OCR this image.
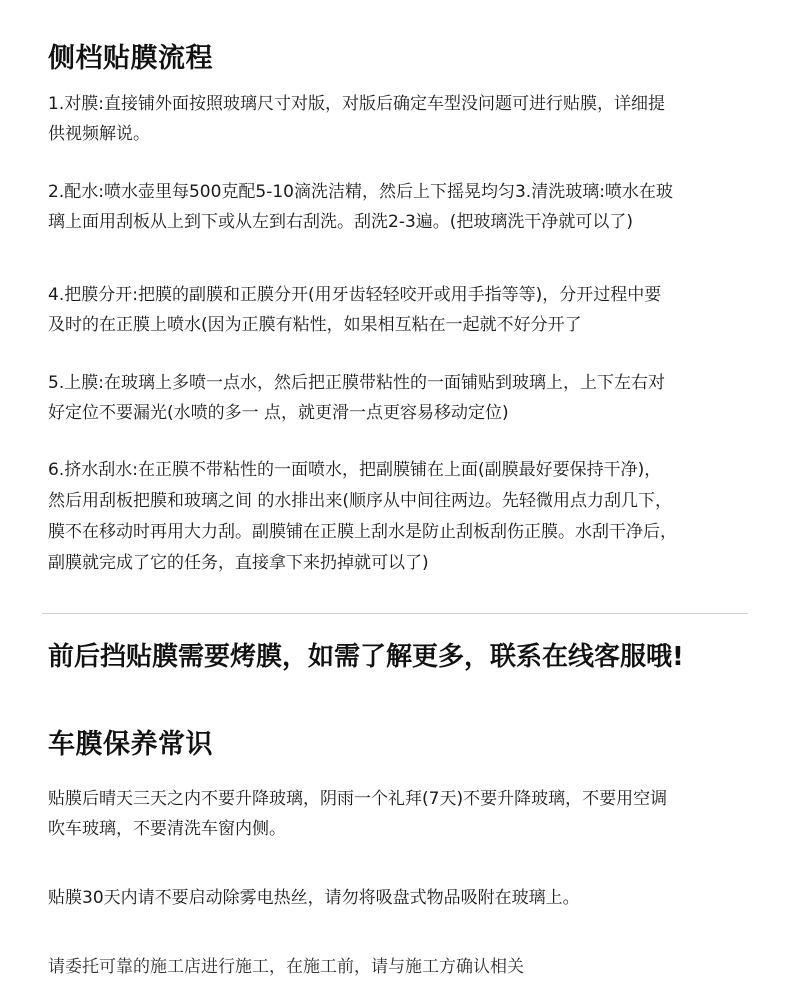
侧档贴膜流程
1.对膜:直接铺外面按照玻璃尺寸对版，对版后确定车型没问题可进行贴膜，详细提
供视频解说。
2.配水:喷水壶里每500克配5-10滴洗洁精，然后上下摇晃均匀3.清洗玻璃:喷水在玻
璃上面用刮板从上到下或从左到右刮洗。刮洗2-3遍。(把玻璃洗干净就可以了)
4.把膜分开:把膜的副膜和正膜分开(用牙齿轻轻咬开或用手指等等)，分开过程中要
及时的在正膜上喷水(因为正膜有粘性，如果相互粘在一起就不好分开了
5.上膜:在玻璃上多喷一点水，然后把正膜带粘性的一面铺贴到玻璃上，上下左右对
好定位不要漏光(水喷的多一 点，就更滑一点更容易移动定位)
6.挤水刮水:在正膜不带粘性的一面喷水，把副膜铺在上面(副膜最好要保持干净)，
然后用刮板把膜和玻璃之间 的水排出来(顺序从中间往两边。先轻微用点力刮几下，
膜不在移动时再用大力刮。副膜铺在正膜上刮水是防止刮板刮伤正膜。水刮干净后，
副膜就完成了它的任务，直接拿下来扔掉就可以了)
前后挡贴膜需要烤膜，如需了解更多，联系在线客服哦!
车膜保养常识
贴膜后晴天三天之内不要升降玻璃，阴雨一个礼拜(7天)不要升降玻璃，不要用空调
吹车玻璃，不要清洗车窗内侧。
贴膜30天内请不要启动除雾电热丝，请勿将吸盘式物品吸附在玻璃上。
请委托可靠的施工店进行施工，在施工前，请与施工方确认相关
